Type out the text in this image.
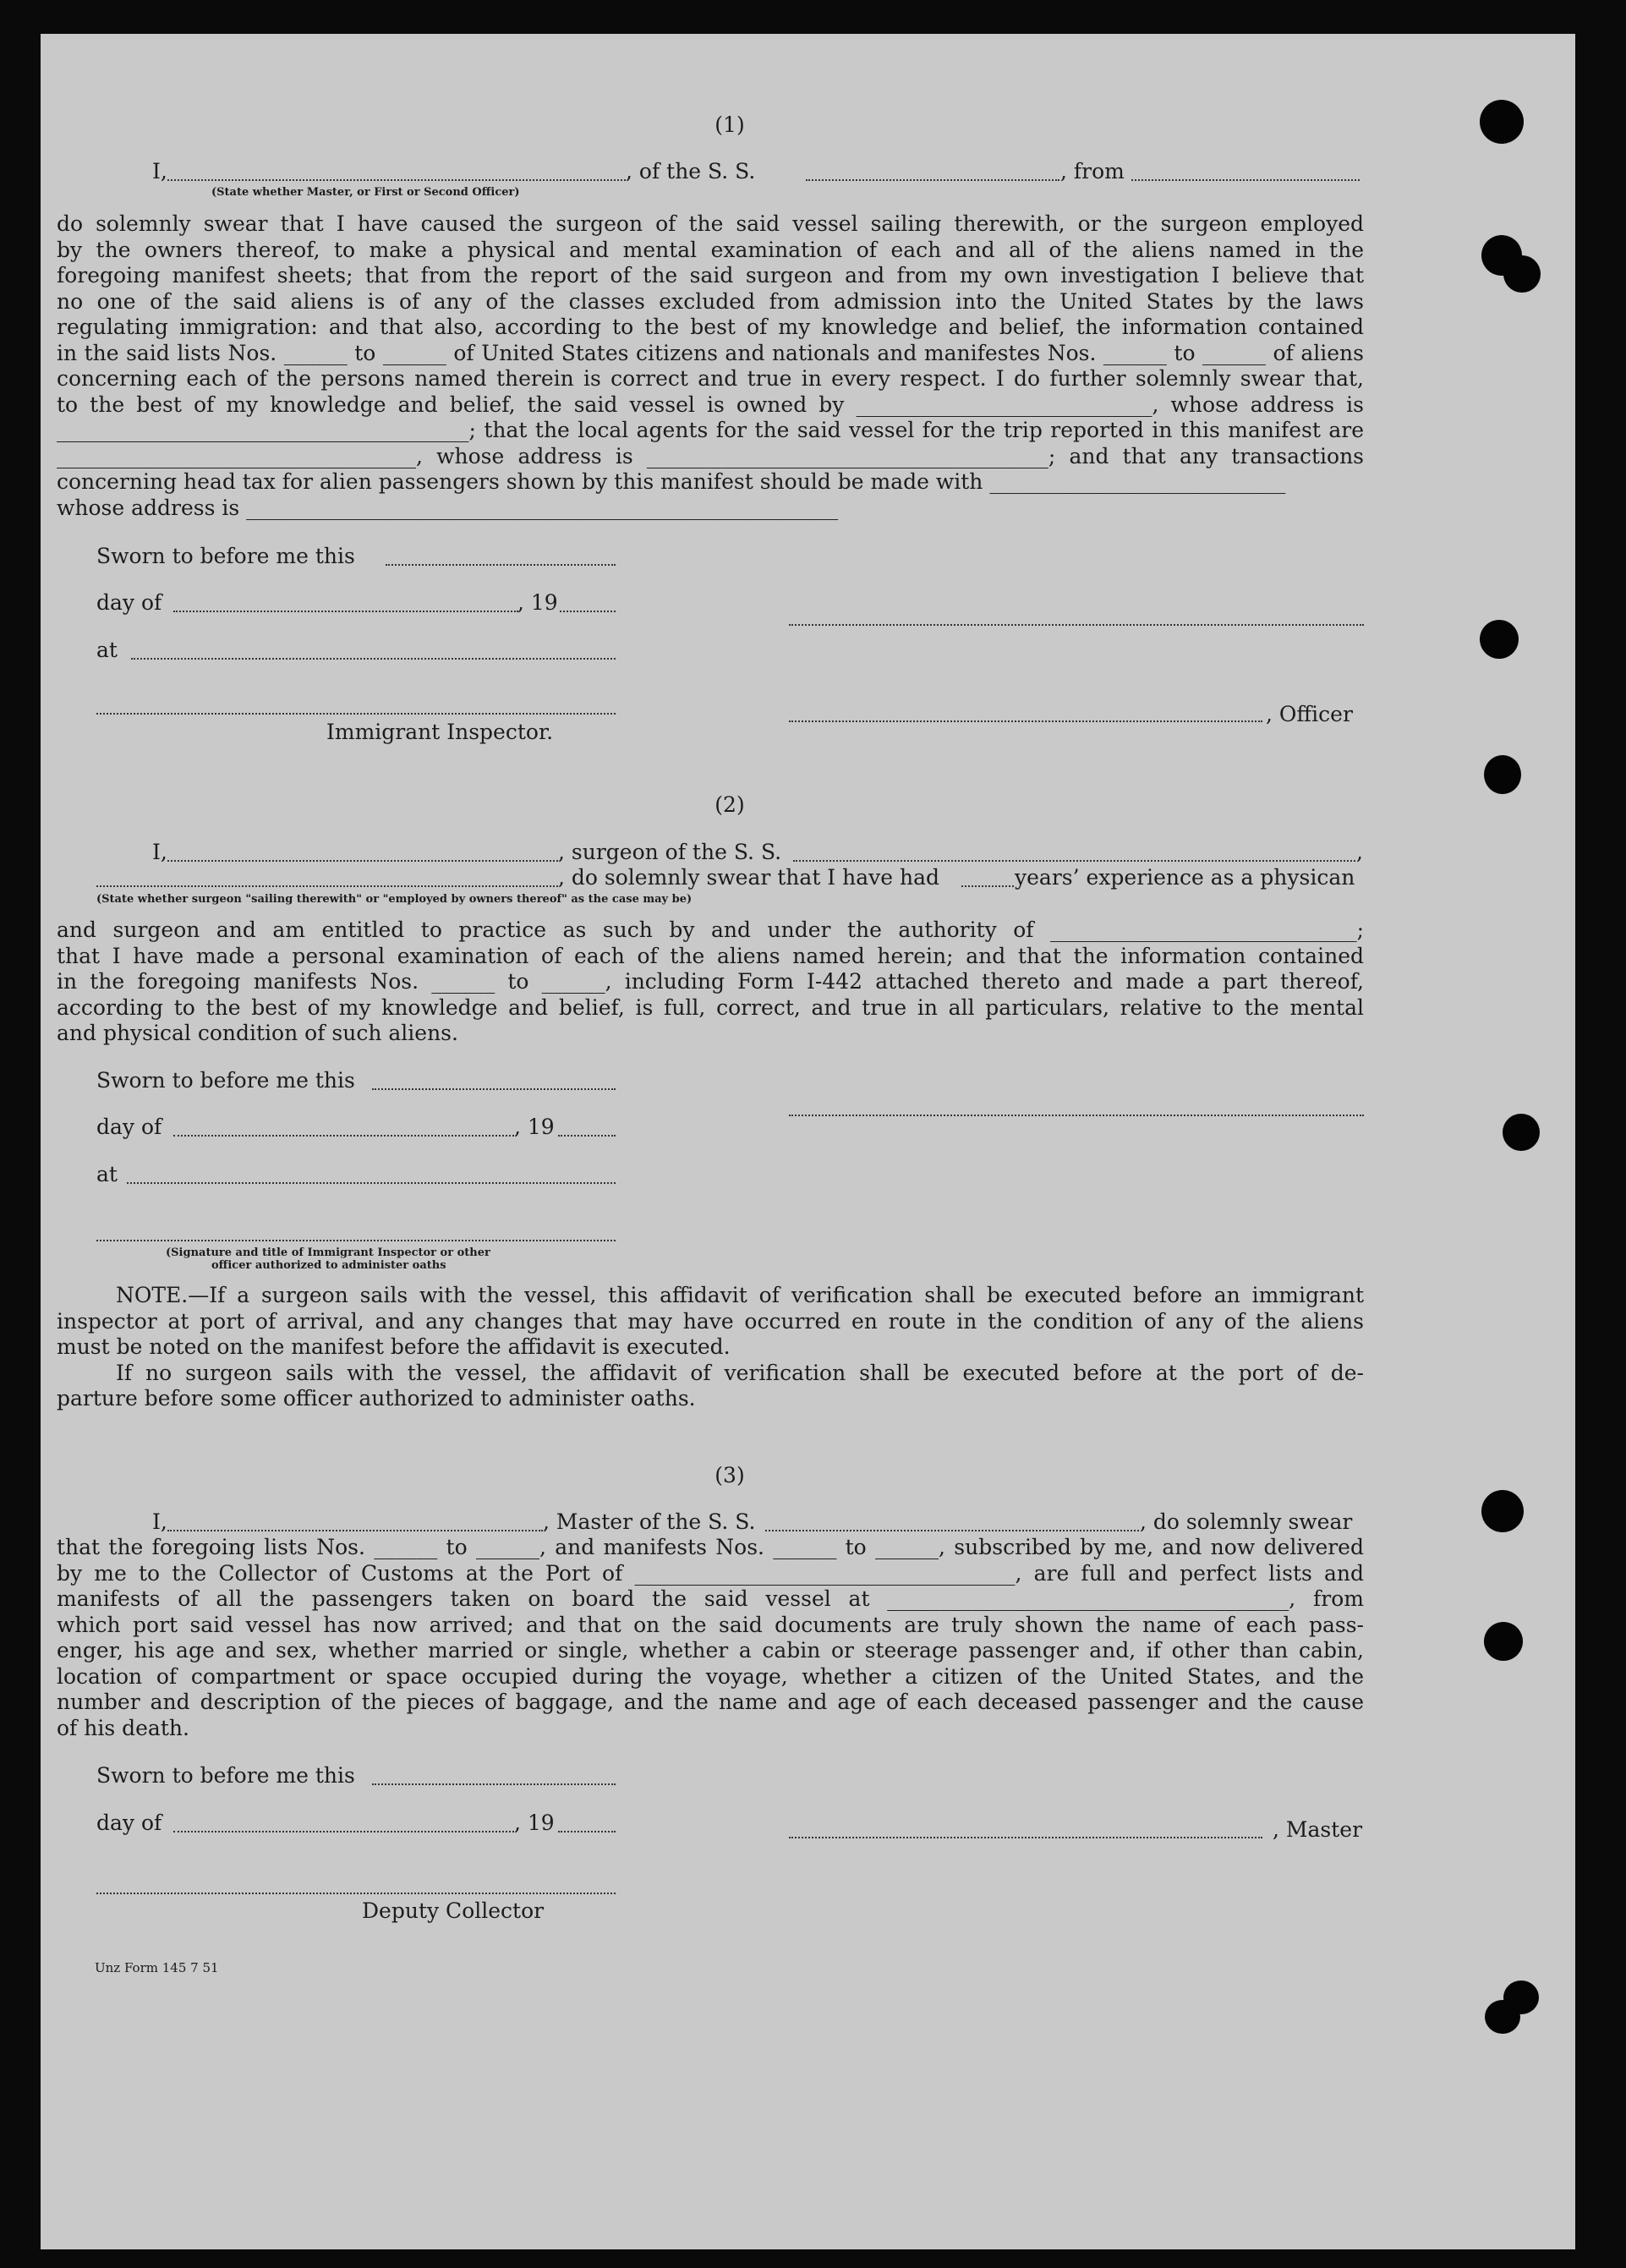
(1)
I,	, of the S. S.	, from
(State whether Master, or First or Second Officer)

do solemnly swear that I have caused the surgeon of the said vessel sailing therewith, or the surgeon employed

by the owners thereof, to make a physical and mental examination of each and all of the aliens named in the

foregoing manifest sheets; that from the report of the said surgeon and from my own investigation I believe that

no one of the said aliens is of any of the classes excluded from admission into the United States by the laws

regulating immigration: and that also, according to the best of my knowledge and belief, the information contained

in the said lists Nos. ______ to ______ of United States citizens and nationals and manifestes Nos. ______ to ______ of aliens

concerning each of the persons named therein is correct and true in every respect. I do further solemnly swear that,

to the best of my knowledge and belief, the said vessel is owned by ____________________________, whose address is

_______________________________________; that the local agents for the said vessel for the trip reported in this manifest are

__________________________________, whose address is ______________________________________; and that any transactions

concerning head tax for alien passengers shown by this manifest should be made with ____________________________

whose address is ________________________________________________________

Sworn to before me this
day of	, 19
at
, Officer
Immigrant Inspector.
(2)
I,	, surgeon of the S. S.	,
, do solemnly swear that I have had	years’ experience as a physican
(State whether surgeon "sailing therewith" or "employed by owners thereof" as the case may be)

and surgeon and am entitled to practice as such by and under the authority of _____________________________;

that I have made a personal examination of each of the aliens named herein; and that the information contained

in the foregoing manifests Nos. ______ to ______, including Form I-442 attached thereto and made a part thereof,

according to the best of my knowledge and belief, is full, correct, and true in all particulars, relative to the mental

and physical condition of such aliens.

Sworn to before me this
day of	, 19
at
(Signature and title of Immigrant Inspector or other
officer authorized to administer oaths

NOTE.—If a surgeon sails with the vessel, this affidavit of verification shall be executed before an immigrant

inspector at port of arrival, and any changes that may have occurred en route in the condition of any of the aliens

must be noted on the manifest before the affidavit is executed.

If no surgeon sails with the vessel, the affidavit of verification shall be executed before at the port of de-

parture before some officer authorized to administer oaths.

(3)
I,	, Master of the S. S.	, do solemnly swear

that the foregoing lists Nos. ______ to ______, and manifests Nos. ______ to ______, subscribed by me, and now delivered

by me to the Collector of Customs at the Port of ____________________________________, are full and perfect lists and

manifests of all the passengers taken on board the said vessel at ______________________________________, from

which port said vessel has now arrived; and that on the said documents are truly shown the name of each pass-

enger, his age and sex, whether married or single, whether a cabin or steerage passenger and, if other than cabin,

location of compartment or space occupied during the voyage, whether a citizen of the United States, and the

number and description of the pieces of baggage, and the name and age of each deceased passenger and the cause

of his death.

Sworn to before me this
day of	, 19	, Master
Deputy Collector
Unz Form 145 7 51
